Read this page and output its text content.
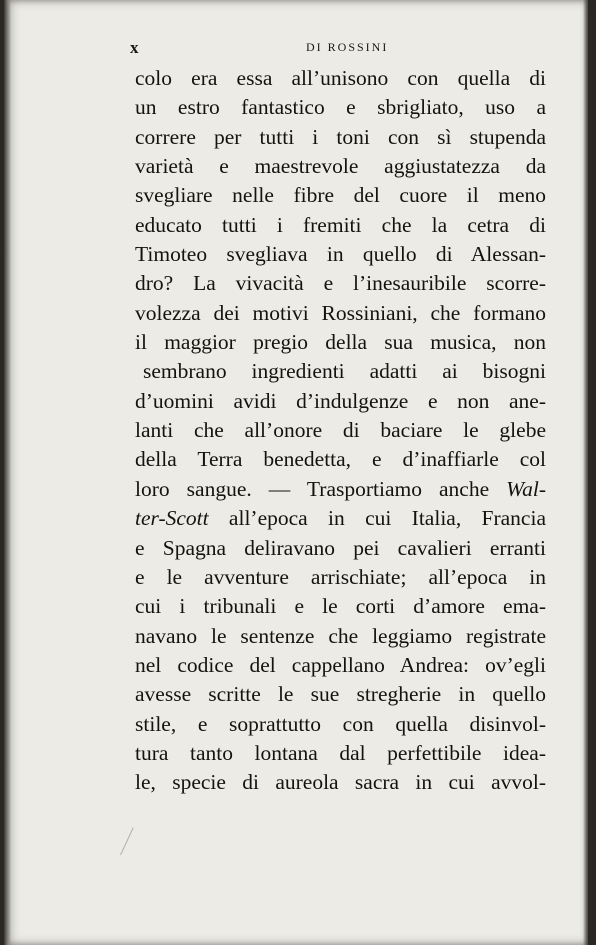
x	DI ROSSINI
colo era essa all’unisono con quella di
un estro fantastico e sbrigliato, uso a
correre per tutti i toni con sì stupenda
varietà e maestrevole aggiustatezza da
svegliare nelle fibre del cuore il meno
educato tutti i fremiti che la cetra di
Timoteo svegliava in quello di Alessan-
dro? La vivacità e l’inesauribile scorre-
volezza dei motivi Rossiniani, che formano
il maggior pregio della sua musica, non
sembrano ingredienti adatti ai bisogni
d’uomini avidi d’indulgenze e non ane-
lanti che all’onore di baciare le glebe
della Terra benedetta, e d’inaffiarle col
loro sangue. — Trasportiamo anche Wal-
ter-Scott all’epoca in cui Italia, Francia
e Spagna deliravano pei cavalieri erranti
e le avventure arrischiate; all’epoca in
cui i tribunali e le corti d’amore ema-
navano le sentenze che leggiamo registrate
nel codice del cappellano Andrea: ov’egli
avesse scritte le sue stregherie in quello
stile, e soprattutto con quella disinvol-
tura tanto lontana dal perfettibile idea-
le, specie di aureola sacra in cui avvol-
